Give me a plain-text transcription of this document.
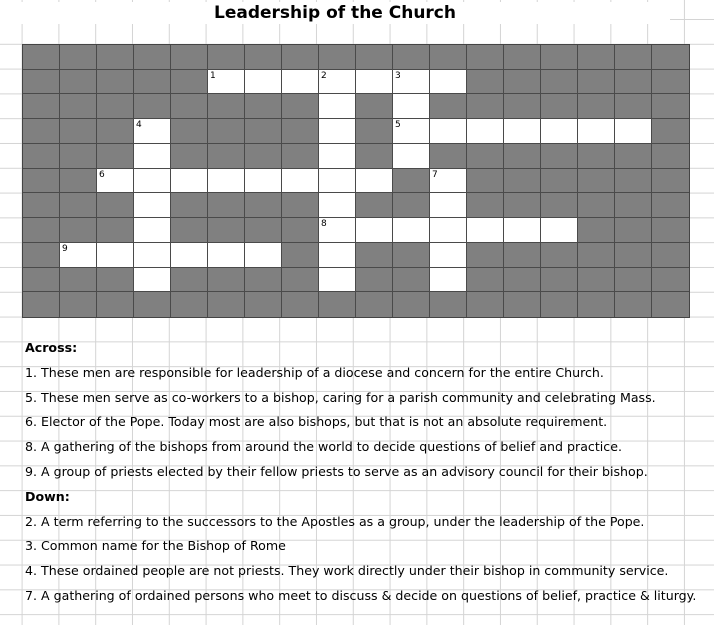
Leadership of the Church
1	2	3
4	5
6	7
8
9
Across:
1. These men are responsible for leadership of a diocese and concern for the entire Church.
5. These men serve as co-workers to a bishop, caring for a parish community and celebrating Mass.
6. Elector of the Pope. Today most are also bishops, but that is not an absolute requirement.
8. A gathering of the bishops from around the world to decide questions of belief and practice.
9. A group of priests elected by their fellow priests to serve as an advisory council for their bishop.
Down:
2. A term referring to the successors to the Apostles as a group, under the leadership of the Pope.
3. Common name for the Bishop of Rome
4. These ordained people are not priests. They work directly under their bishop in community service.
7. A gathering of ordained persons who meet to discuss & decide on questions of belief, practice & liturgy.
